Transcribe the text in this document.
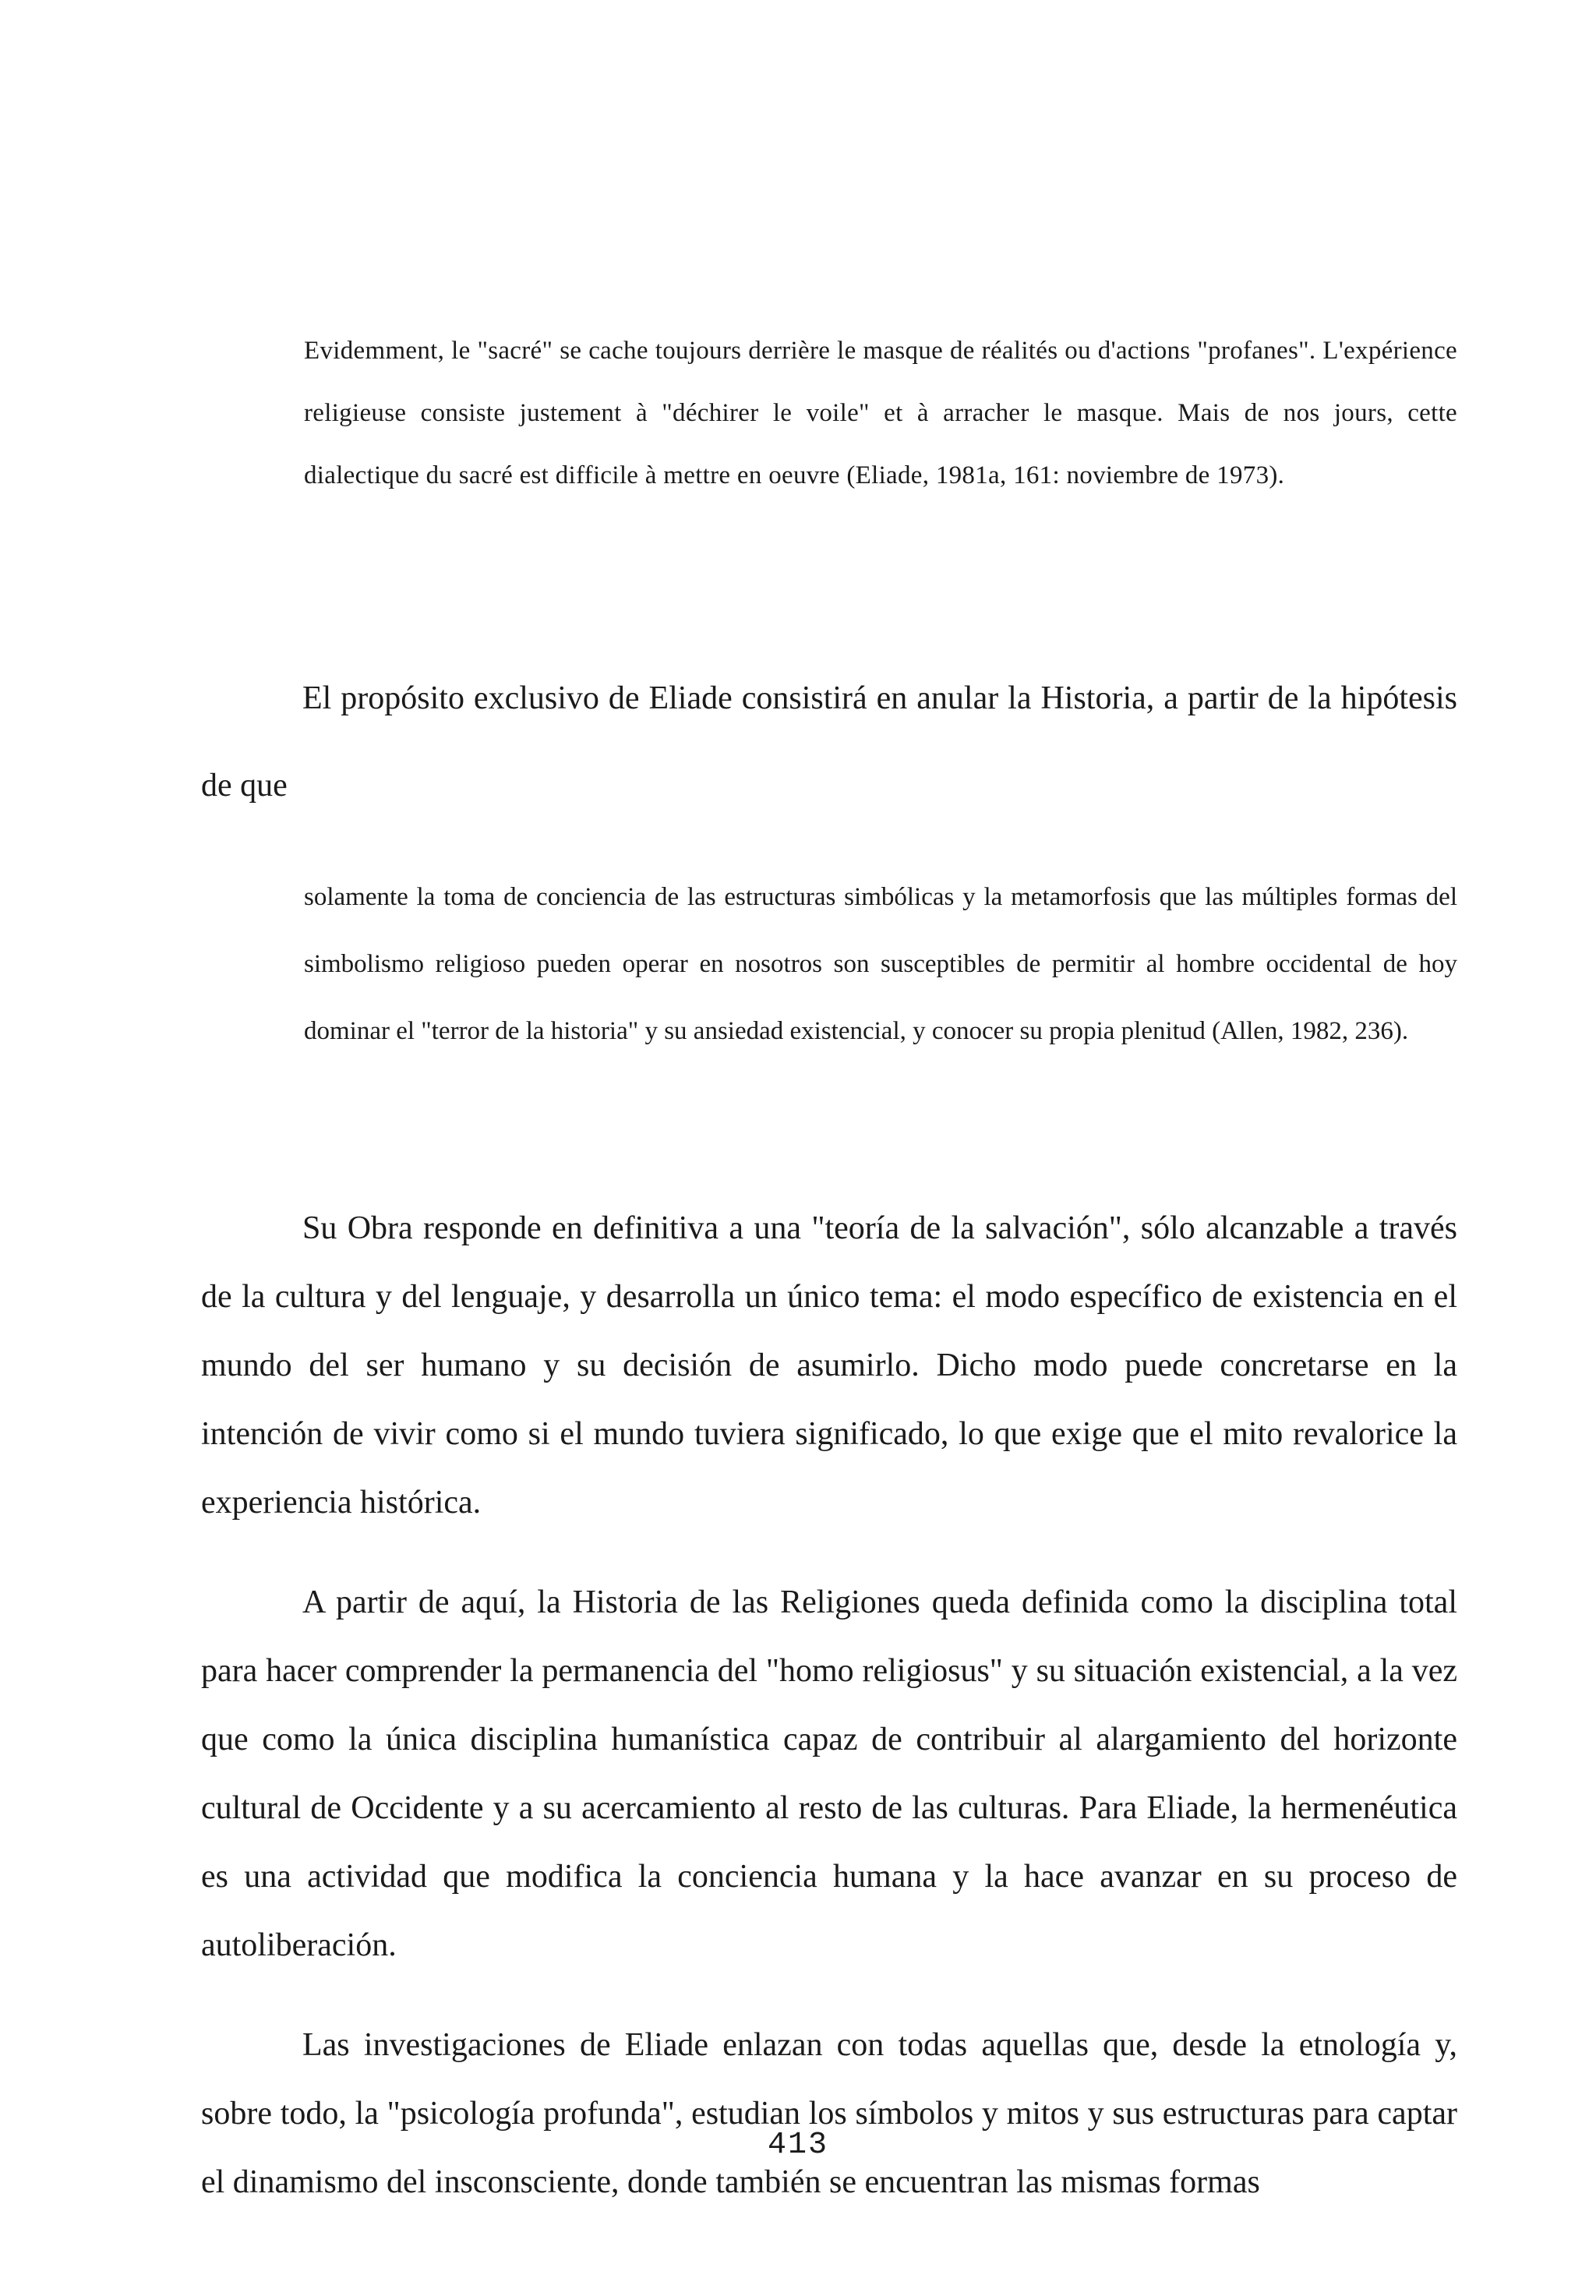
Evidemment, le "sacré" se cache toujours derrière le masque de réalités ou d'actions "profanes". L'expérience religieuse consiste justement à "déchirer le voile" et à arracher le masque. Mais de nos jours, cette dialectique du sacré est difficile à mettre en oeuvre (Eliade, 1981a, 161: noviembre de 1973).

El propósito exclusivo de Eliade consistirá en anular la Historia, a partir de la hipótesis de que

solamente la toma de conciencia de las estructuras simbólicas y la metamorfosis que las múltiples formas del simbolismo religioso pueden operar en nosotros son susceptibles de permitir al hombre occidental de hoy dominar el "terror de la historia" y su ansiedad existencial, y conocer su propia plenitud (Allen, 1982, 236).

Su Obra responde en definitiva a una "teoría de la salvación", sólo alcanzable a través de la cultura y del lenguaje, y desarrolla un único tema: el modo específico de existencia en el mundo del ser humano y su decisión de asumirlo. Dicho modo puede concretarse en la intención de vivir como si el mundo tuviera significado, lo que exige que el mito revalorice la experiencia histórica.

A partir de aquí, la Historia de las Religiones queda definida como la disciplina total para hacer comprender la permanencia del "homo religiosus" y su situación existencial, a la vez que como la única disciplina humanística capaz de contribuir al alargamiento del horizonte cultural de Occidente y a su acercamiento al resto de las culturas. Para Eliade, la hermenéutica es una actividad que modifica la conciencia humana y la hace avanzar en su proceso de autoliberación.

Las investigaciones de Eliade enlazan con todas aquellas que, desde la etnología y, sobre todo, la "psicología profunda", estudian los símbolos y mitos y sus estructuras para captar el dinamismo del insconsciente, donde también se encuentran las mismas formas

413
